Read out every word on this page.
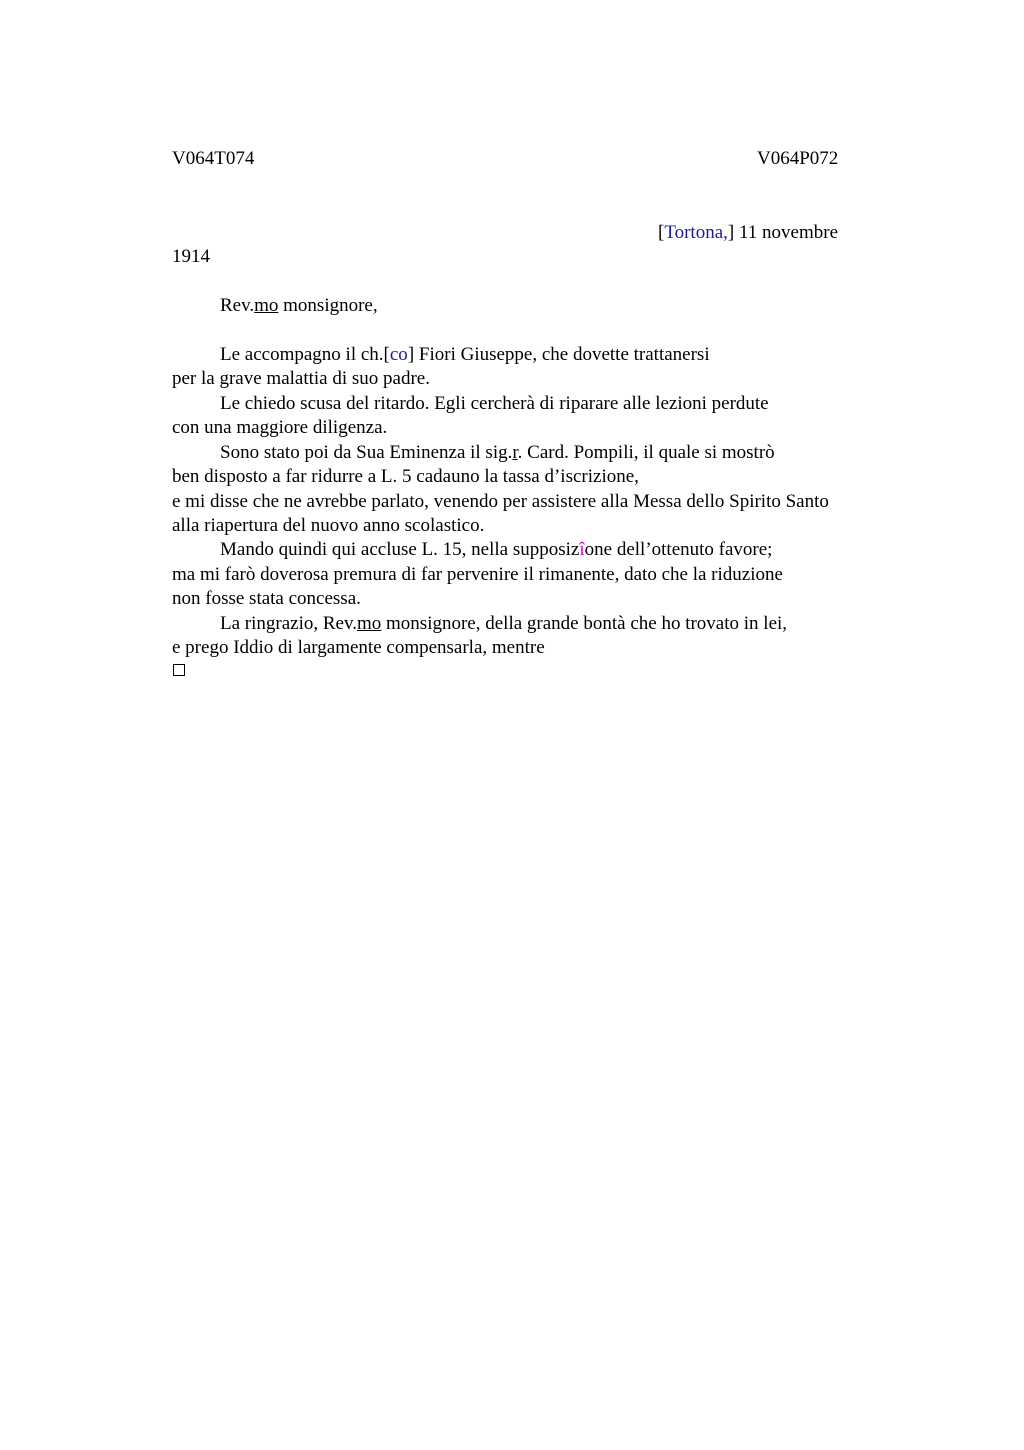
V064T074	V064P072
[Tortona,] 11 novembre
1914
Rev.mo monsignore,
Le accompagno il ch.[co] Fiori Giuseppe, che dovette trattanersi
per la grave malattia di suo padre.
Le chiedo scusa del ritardo. Egli cercherà di riparare alle lezioni perdute
con una maggiore diligenza.
Sono stato poi da Sua Eminenza il sig.r. Card. Pompili, il quale si mostrò
ben disposto a far ridurre a L. 5 cadauno la tassa d’iscrizione,
e mi disse che ne avrebbe parlato, venendo per assistere alla Messa dello Spirito Santo
alla riapertura del nuovo anno scolastico.
Mando quindi qui accluse L. 15, nella supposizîone dell’ottenuto favore;
ma mi farò doverosa premura di far pervenire il rimanente, dato che la riduzione
non fosse stata concessa.
La ringrazio, Rev.mo monsignore, della grande bontà che ho trovato in lei,
e prego Iddio di largamente compensarla, mentre
